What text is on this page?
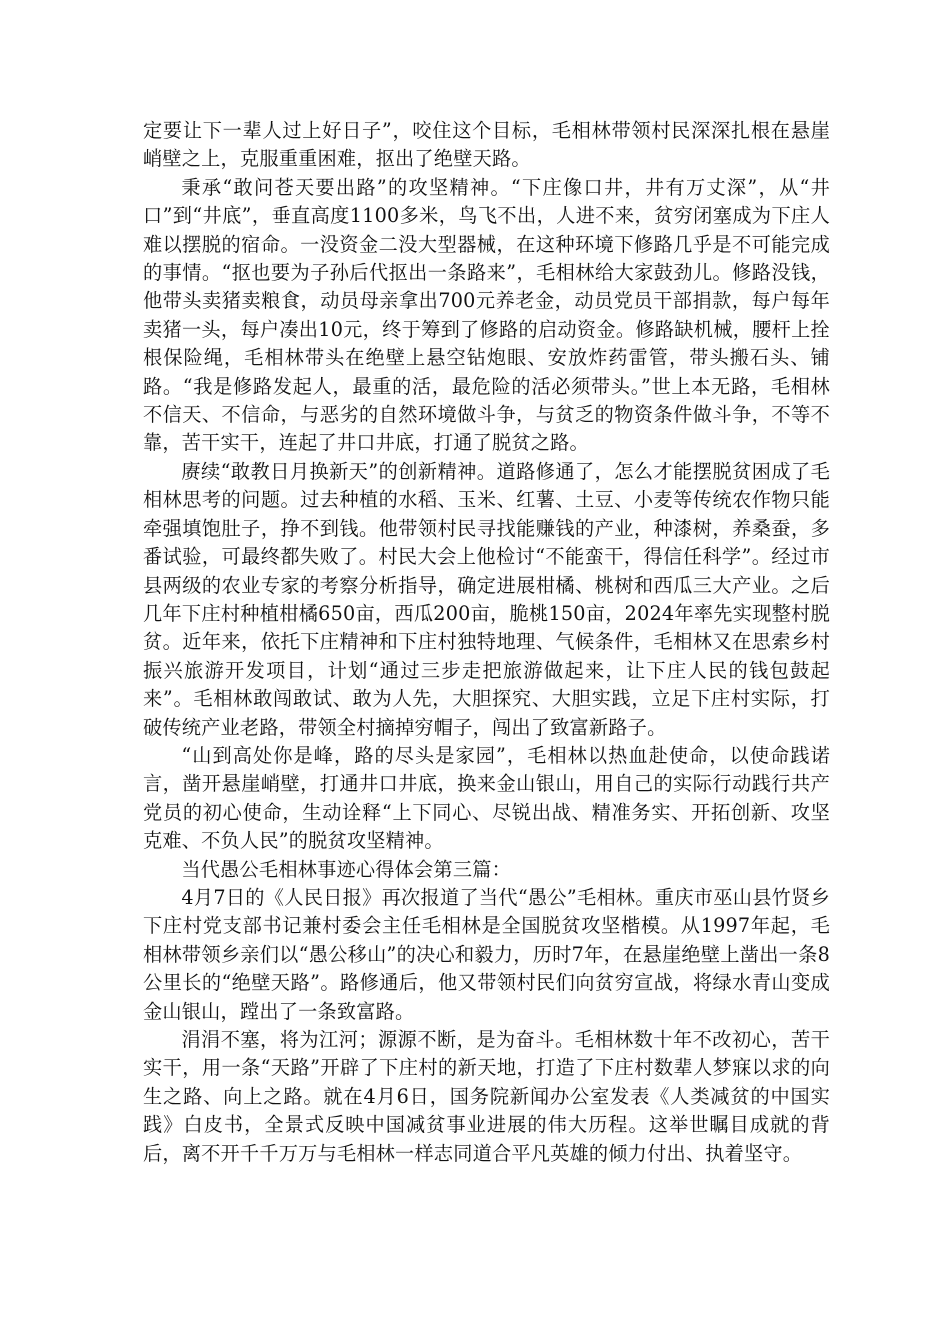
定要让下一辈人过上好日子”，咬住这个目标，毛相林带领村民深深扎根在悬崖峭壁之上，克服重重困难，抠出了绝壁天路。

秉承“敢问苍天要出路”的攻坚精神。“下庄像口井，井有万丈深”，从“井口”到“井底”，垂直高度1100多米，鸟飞不出，人进不来，贫穷闭塞成为下庄人难以摆脱的宿命。一没资金二没大型器械，在这种环境下修路几乎是不可能完成的事情。“抠也要为子孙后代抠出一条路来”，毛相林给大家鼓劲儿。修路没钱，他带头卖猪卖粮食，动员母亲拿出700元养老金，动员党员干部捐款，每户每年卖猪一头，每户凑出10元，终于筹到了修路的启动资金。修路缺机械，腰杆上拴根保险绳，毛相林带头在绝壁上悬空钻炮眼、安放炸药雷管，带头搬石头、铺路。“我是修路发起人，最重的活，最危险的活必须带头。”世上本无路，毛相林不信天、不信命，与恶劣的自然环境做斗争，与贫乏的物资条件做斗争，不等不靠，苦干实干，连起了井口井底，打通了脱贫之路。

赓续“敢教日月换新天”的创新精神。道路修通了，怎么才能摆脱贫困成了毛相林思考的问题。过去种植的水稻、玉米、红薯、土豆、小麦等传统农作物只能牵强填饱肚子，挣不到钱。他带领村民寻找能赚钱的产业，种漆树，养桑蚕，多番试验，可最终都失败了。村民大会上他检讨“不能蛮干，得信任科学”。经过市县两级的农业专家的考察分析指导，确定进展柑橘、桃树和西瓜三大产业。之后几年下庄村种植柑橘650亩，西瓜200亩，脆桃150亩，2024年率先实现整村脱贫。近年来，依托下庄精神和下庄村独特地理、气候条件，毛相林又在思索乡村振兴旅游开发项目，计划“通过三步走把旅游做起来，让下庄人民的钱包鼓起来”。毛相林敢闯敢试、敢为人先，大胆探究、大胆实践，立足下庄村实际，打破传统产业老路，带领全村摘掉穷帽子，闯出了致富新路子。

“山到高处你是峰，路的尽头是家园”，毛相林以热血赴使命，以使命践诺言，凿开悬崖峭壁，打通井口井底，换来金山银山，用自己的实际行动践行共产党员的初心使命，生动诠释“上下同心、尽锐出战、精准务实、开拓创新、攻坚克难、不负人民”的脱贫攻坚精神。

当代愚公毛相林事迹心得体会第三篇：

4月7日的《人民日报》再次报道了当代“愚公”毛相林。重庆市巫山县竹贤乡下庄村党支部书记兼村委会主任毛相林是全国脱贫攻坚楷模。从1997年起，毛相林带领乡亲们以“愚公移山”的决心和毅力，历时7年，在悬崖绝壁上凿出一条8公里长的“绝壁天路”。路修通后，他又带领村民们向贫穷宣战，将绿水青山变成金山银山，蹚出了一条致富路。

涓涓不塞，将为江河；源源不断，是为奋斗。毛相林数十年不改初心，苦干实干，用一条“天路”开辟了下庄村的新天地，打造了下庄村数辈人梦寐以求的向生之路、向上之路。就在4月6日，国务院新闻办公室发表《人类减贫的中国实践》白皮书，全景式反映中国减贫事业进展的伟大历程。这举世瞩目成就的背后，离不开千千万万与毛相林一样志同道合平凡英雄的倾力付出、执着坚守。
